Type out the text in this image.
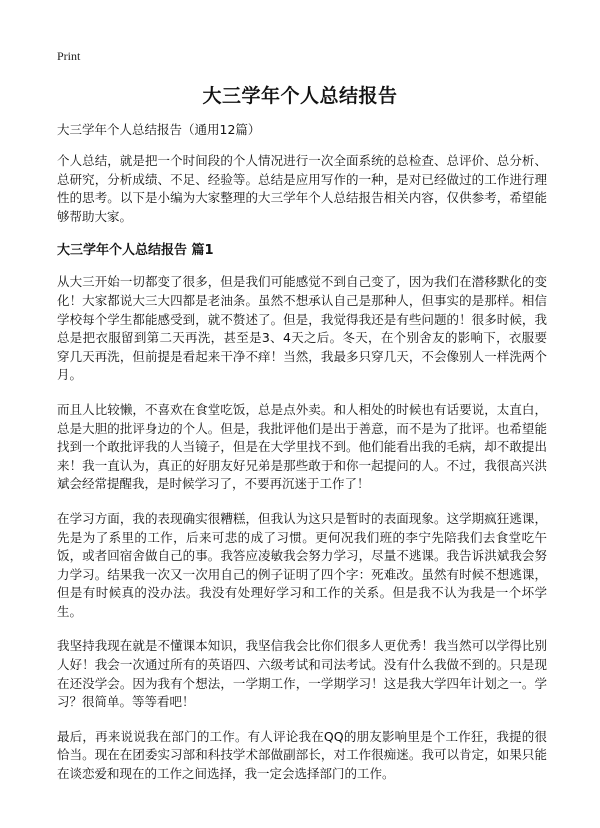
Print
大三学年个人总结报告

大三学年个人总结报告（通用12篇）

个人总结，就是把一个时间段的个人情况进行一次全面系统的总检查、总评价、总分析、总研究，分析成绩、不足、经验等。总结是应用写作的一种，是对已经做过的工作进行理性的思考。以下是小编为大家整理的大三学年个人总结报告相关内容，仅供参考，希望能够帮助大家。

大三学年个人总结报告 篇1

从大三开始一切都变了很多，但是我们可能感觉不到自己变了，因为我们在潜移默化的变化！大家都说大三大四都是老油条。虽然不想承认自己是那种人，但事实的是那样。相信学校每个学生都能感受到，就不赘述了。但是，我觉得我还是有些问题的！很多时候，我总是把衣服留到第二天再洗，甚至是3、4天之后。冬天，在个别舍友的影响下，衣服要穿几天再洗，但前提是看起来干净不痒！当然，我最多只穿几天，不会像别人一样洗两个月。

而且人比较懒，不喜欢在食堂吃饭，总是点外卖。和人相处的时候也有话要说，太直白，总是大胆的批评身边的个人。但是，我批评他们是出于善意，而不是为了批评。也希望能找到一个敢批评我的人当镜子，但是在大学里找不到。他们能看出我的毛病，却不敢提出来！我一直认为，真正的好朋友好兄弟是那些敢于和你一起提问的人。不过，我很高兴洪斌会经常提醒我，是时候学习了，不要再沉迷于工作了！

在学习方面，我的表现确实很糟糕，但我认为这只是暂时的表面现象。这学期疯狂逃课，先是为了系里的工作，后来可悲的成了习惯。更何况我们班的李宁先陪我们去食堂吃午饭，或者回宿舍做自己的事。我答应凌敏我会努力学习，尽量不逃课。我告诉洪斌我会努力学习。结果我一次又一次用自己的例子证明了四个字：死难改。虽然有时候不想逃课，但是有时候真的没办法。我没有处理好学习和工作的关系。但是我不认为我是一个坏学生。

我坚持我现在就是不懂课本知识，我坚信我会比你们很多人更优秀！我当然可以学得比别人好！我会一次通过所有的英语四、六级考试和司法考试。没有什么我做不到的。只是现在还没学会。因为我有个想法，一学期工作，一学期学习！这是我大学四年计划之一。学习？很简单。等等看吧！

最后，再来说说我在部门的工作。有人评论我在QQ的朋友影响里是个工作狂，我提的很恰当。现在在团委实习部和科技学术部做副部长，对工作很痴迷。我可以肯定，如果只能在谈恋爱和现在的工作之间选择，我一定会选择部门的工作。
